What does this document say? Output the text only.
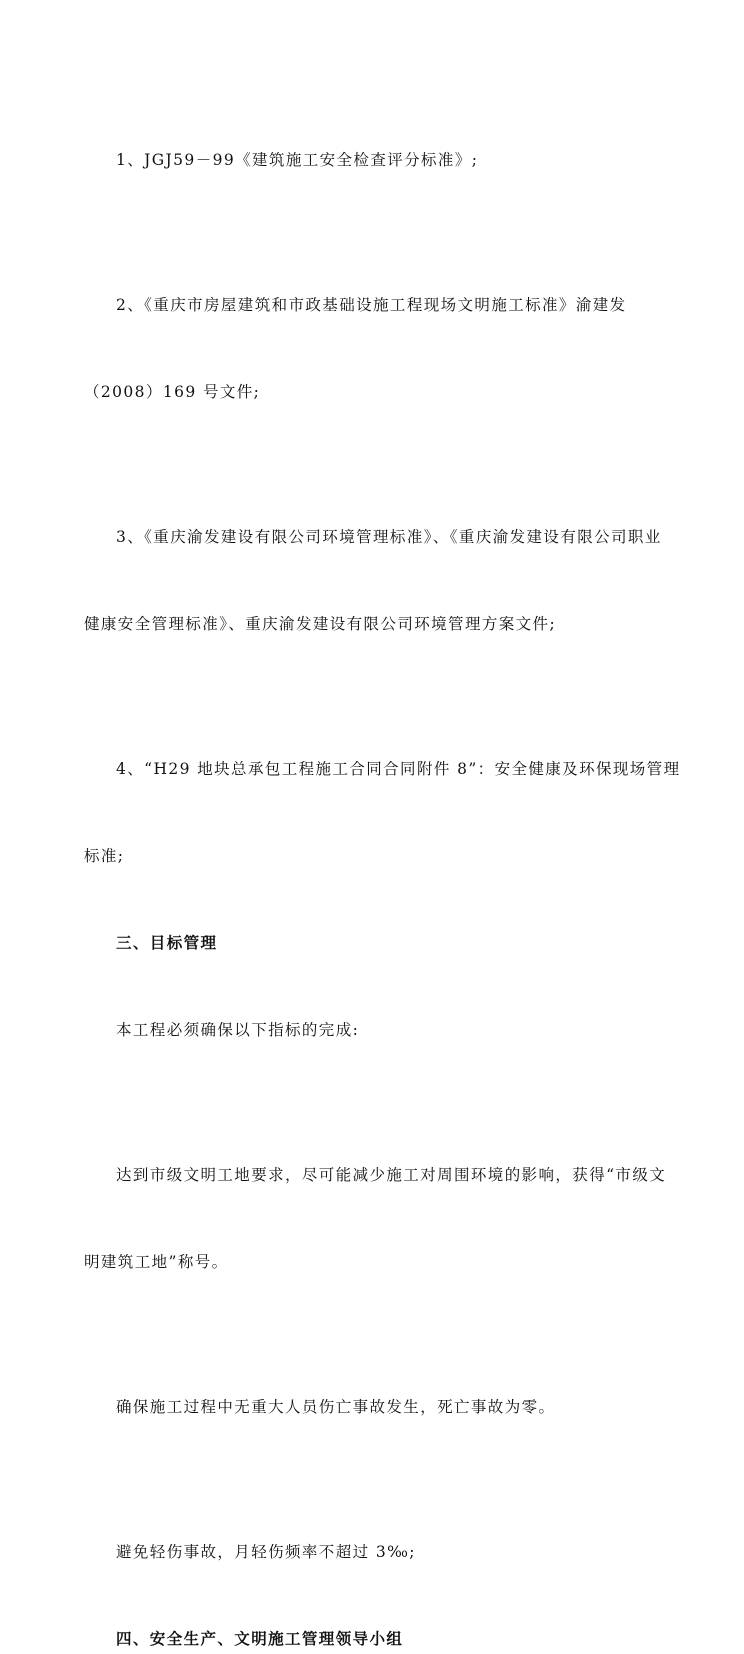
1、JGJ59－99《建筑施工安全检查评分标准》;

2、《重庆市房屋建筑和市政基础设施工程现场文明施工标准》渝建发

（2008）169 号文件;

3、《重庆渝发建设有限公司环境管理标准》、《重庆渝发建设有限公司职业

健康安全管理标准》、重庆渝发建设有限公司环境管理方案文件;

4、“H29 地块总承包工程施工合同合同附件 8”：安全健康及环保现场管理

标准;

三、目标管理

本工程必须确保以下指标的完成:

达到市级文明工地要求，尽可能减少施工对周围环境的影响，获得“市级文

明建筑工地”称号。

确保施工过程中无重大人员伤亡事故发生，死亡事故为零。

避免轻伤事故，月轻伤频率不超过 3‰;

四、安全生产、文明施工管理领导小组
